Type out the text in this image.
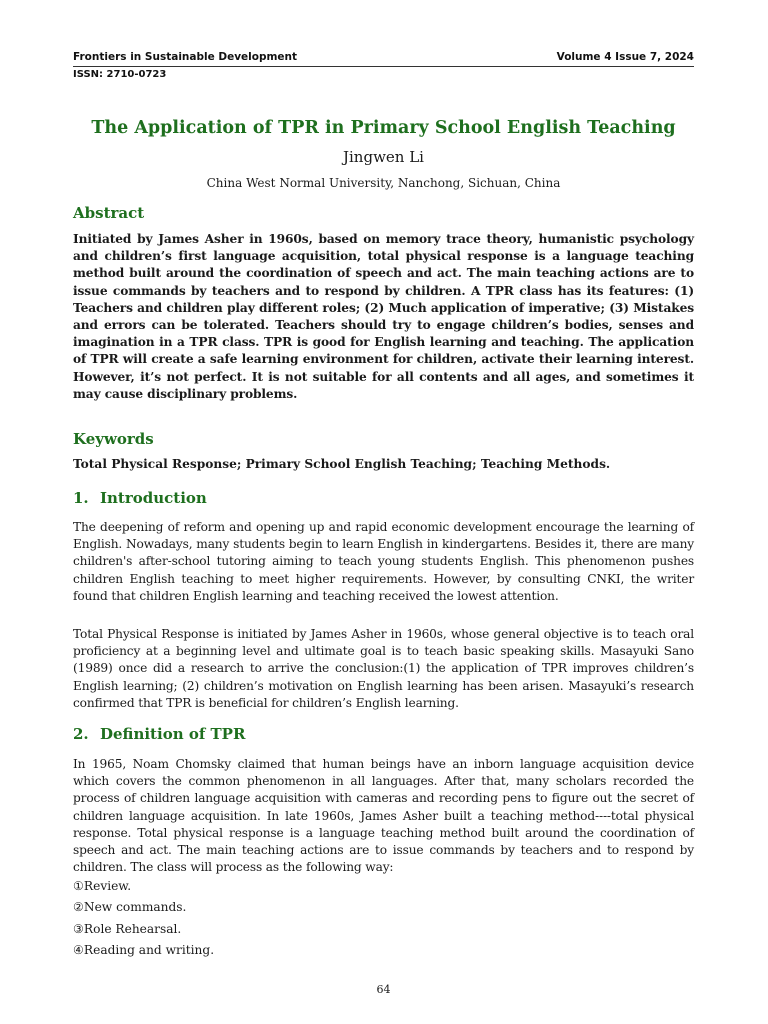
Frontiers in Sustainable Development	Volume 4 Issue 7, 2024
ISSN: 2710-0723
The Application of TPR in Primary School English Teaching
Jingwen Li
China West Normal University, Nanchong, Sichuan, China
Abstract
Initiated by James Asher in 1960s, based on memory trace theory, humanistic psychology and children’s first language acquisition, total physical response is a language teaching method built around the coordination of speech and act. The main teaching actions are to issue commands by teachers and to respond by children. A TPR class has its features: (1) Teachers and children play different roles; (2) Much application of imperative; (3) Mistakes and errors can be tolerated. Teachers should try to engage children’s bodies, senses and imagination in a TPR class. TPR is good for English learning and teaching. The application of TPR will create a safe learning environment for children, activate their learning interest. However, it’s not perfect. It is not suitable for all contents and all ages, and sometimes it may cause disciplinary problems.
Keywords
Total Physical Response; Primary School English Teaching; Teaching Methods.
1. Introduction
The deepening of reform and opening up and rapid economic development encourage the learning of English. Nowadays, many students begin to learn English in kindergartens. Besides it, there are many children's after-school tutoring aiming to teach young students English. This phenomenon pushes children English teaching to meet higher requirements. However, by consulting CNKI, the writer found that children English learning and teaching received the lowest attention.
Total Physical Response is initiated by James Asher in 1960s, whose general objective is to teach oral proficiency at a beginning level and ultimate goal is to teach basic speaking skills. Masayuki Sano (1989) once did a research to arrive the conclusion:(1) the application of TPR improves children’s English learning; (2) children’s motivation on English learning has been arisen. Masayuki’s research confirmed that TPR is beneficial for children’s English learning.
2. Definition of TPR
In 1965, Noam Chomsky claimed that human beings have an inborn language acquisition device which covers the common phenomenon in all languages. After that, many scholars recorded the process of children language acquisition with cameras and recording pens to figure out the secret of children language acquisition. In late 1960s, James Asher built a teaching method----total physical response. Total physical response is a language teaching method built around the coordination of speech and act. The main teaching actions are to issue commands by teachers and to respond by children. The class will process as the following way:
①Review.
②New commands.
③Role Rehearsal.
④Reading and writing.
64
